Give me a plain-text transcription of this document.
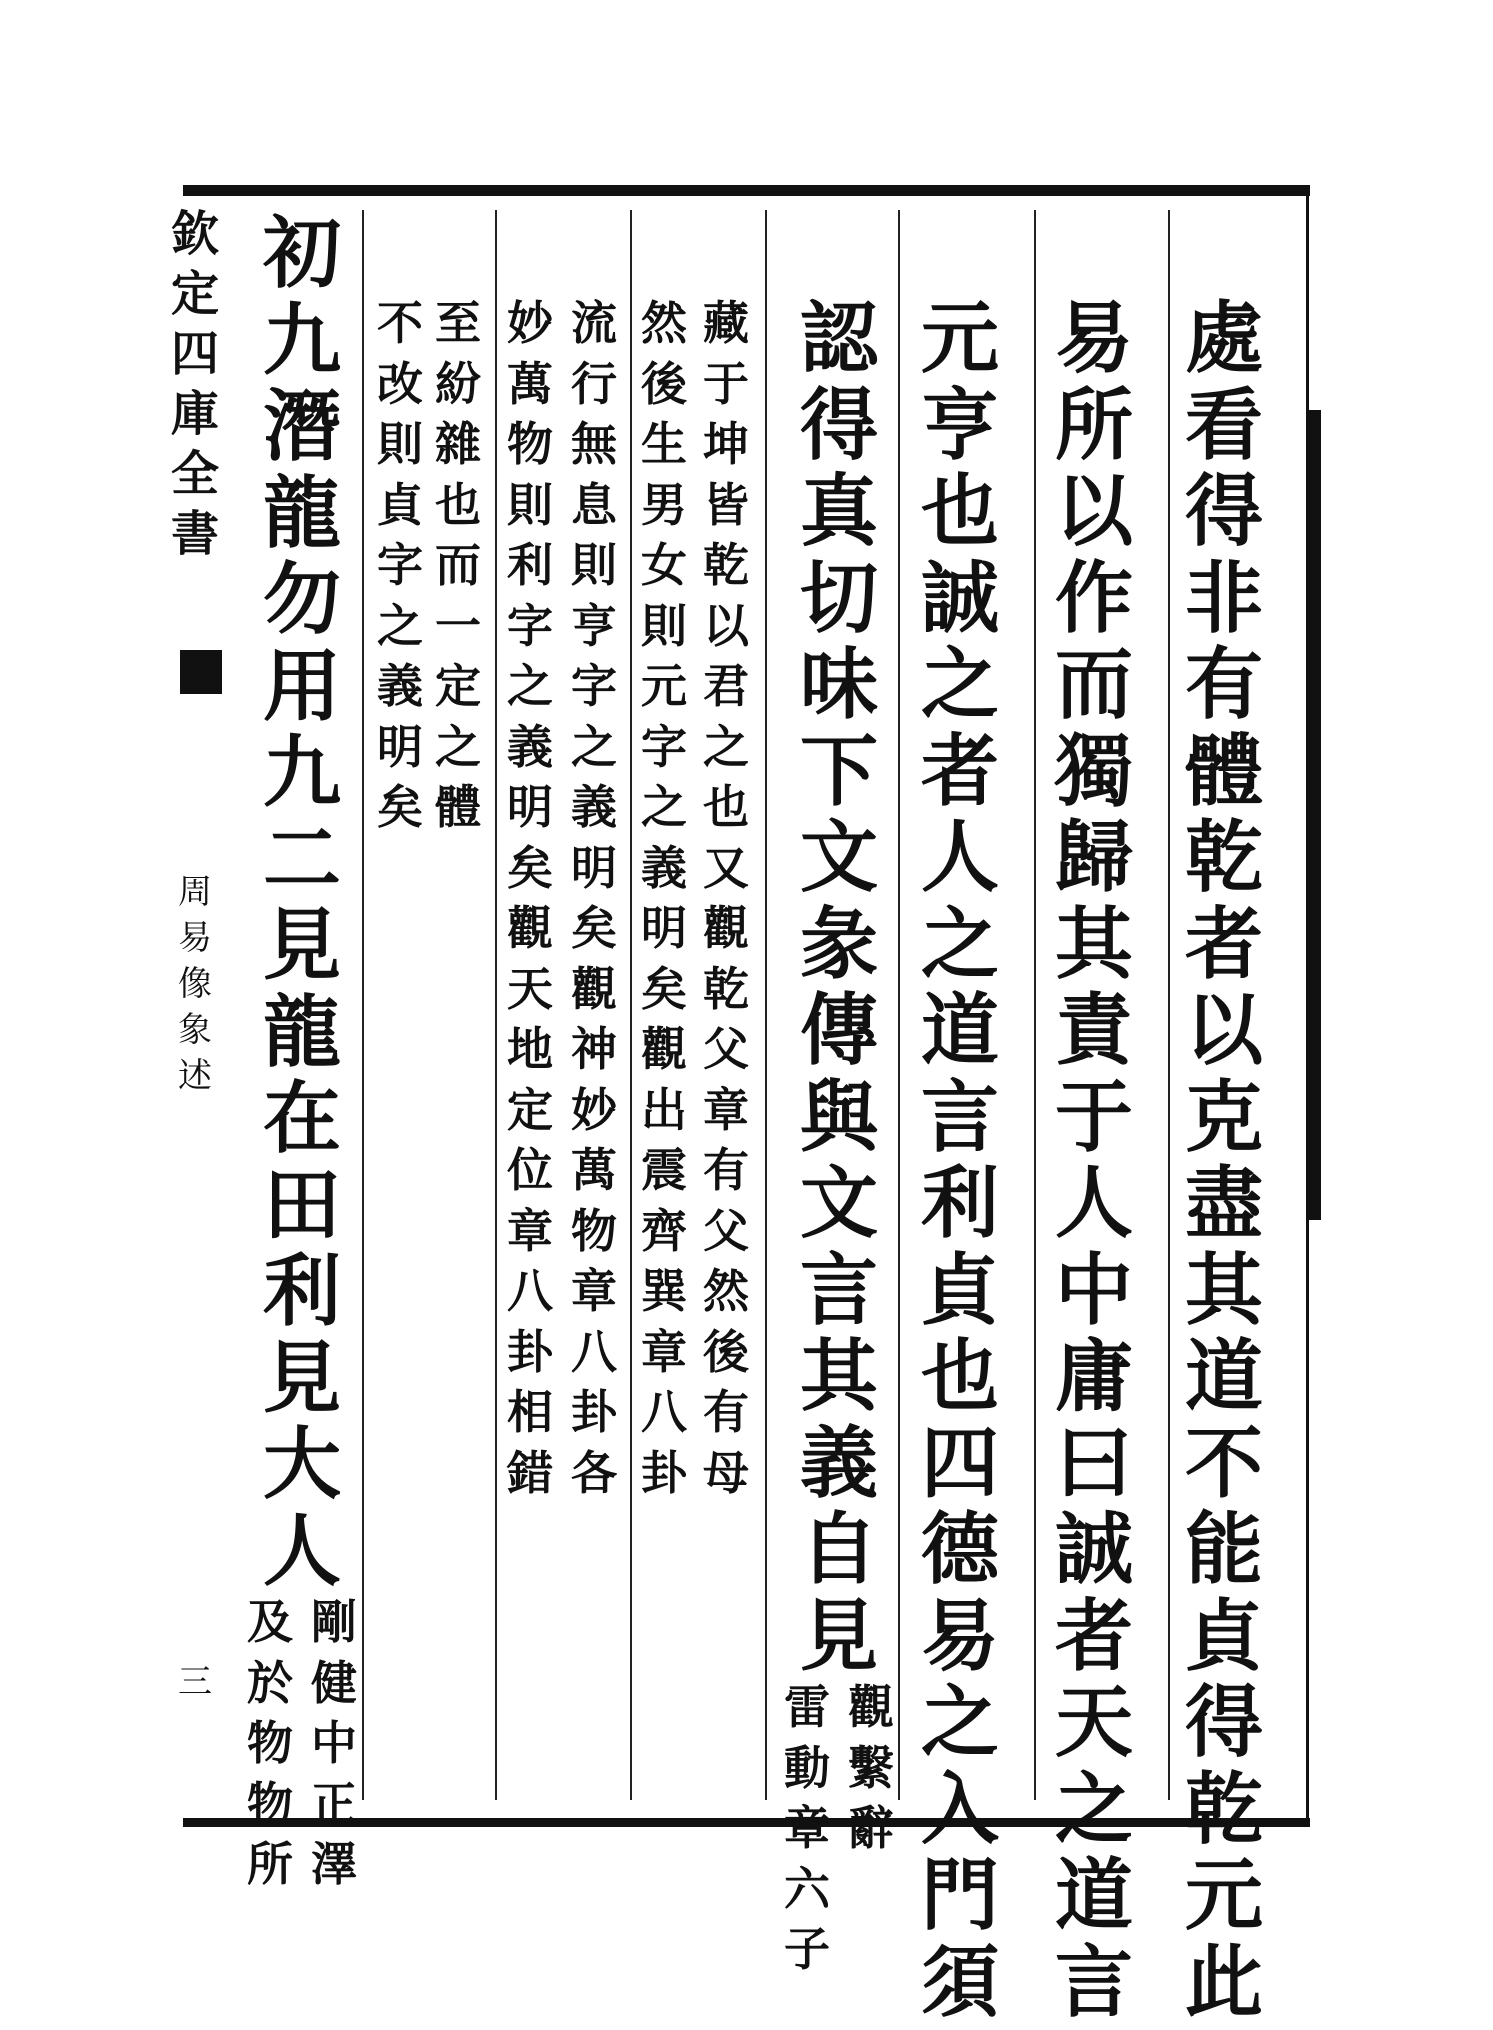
欽
定
四
庫
全
書
周
易
像
象
述
三
處
看
得
非
有
體
乾
者
以
克
盡
其
道
不
能
貞
得
乾
元
此
易
所
以
作
而
獨
歸
其
責
于
人
中
庸
曰
誠
者
天
之
道
言
元
亨
也
誠
之
者
人
之
道
言
利
貞
也
四
德
易
之
入
門
須
認
得
真
切
味
下
文
彖
傳
與
文
言
其
義
自
見
觀
繫
辭
雷
動
章
六
子
藏
于
坤
皆
乾
以
君
之
也
又
觀
乾
父
章
有
父
然
後
有
母
然
後
生
男
女
則
元
字
之
義
明
矣
觀
出
震
齊
巽
章
八
卦
流
行
無
息
則
亨
字
之
義
明
矣
觀
神
妙
萬
物
章
八
卦
各
妙
萬
物
則
利
字
之
義
明
矣
觀
天
地
定
位
章
八
卦
相
錯
至
紛
雜
也
而
一
定
之
體
不
改
則
貞
字
之
義
明
矣
初
九
潛
龍
勿
用
九
二
見
龍
在
田
利
見
大
人
剛
健
中
正
澤
及
於
物
物
所
